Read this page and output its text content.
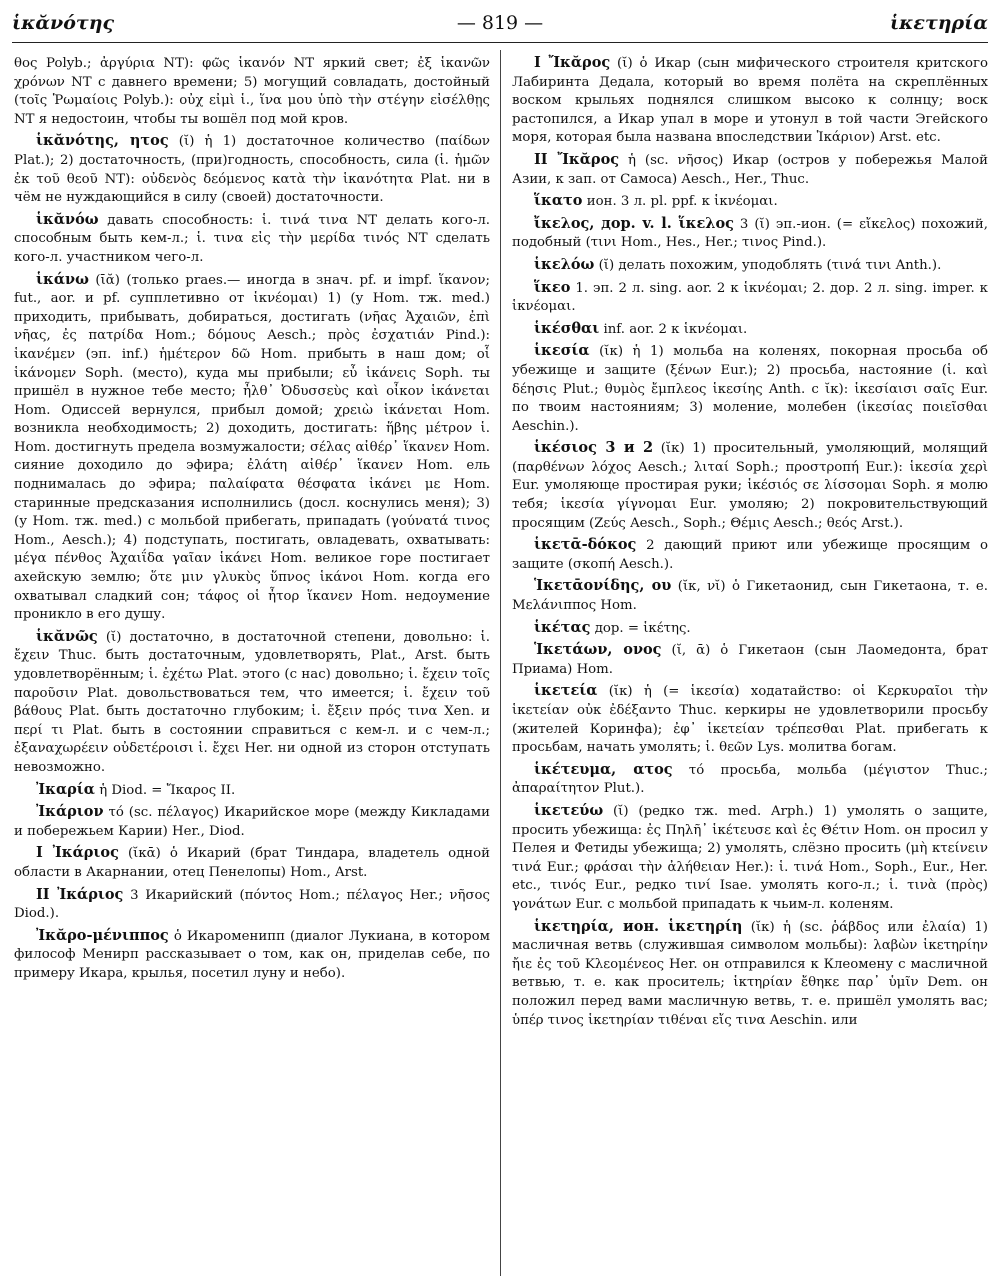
ἱκᾰνότης	— 819 —	ἱκετηρία

θος Polyb.; ἀργύρια NT): φῶς ἱκανόν NT яркий свет; ἐξ ἱκανῶν χρόνων NT с давнего времени; 5) могущий совладать, достойный (τοῖς Ῥωμαίοις Polyb.): οὐχ εἰμὶ ἱ., ἵνα μου ὑπὸ τὴν στέγην εἰσέλθῃς NT я недостоин, чтобы ты вошёл под мой кров.

ἱκᾰνότης, ητος (ῐ) ἡ 1) достаточное количество (παίδων Plat.); 2) достаточность, (при)годность, способность, сила (ἱ. ἡμῶν ἐκ τοῦ θεοῦ NT): οὐδενὸς δεόμενος κατὰ τὴν ἱκανότητα Plat. ни в чём не нуждающийся в силу (своей) достаточности.

ἱκᾰνόω давать способность: ἱ. τινά τινα NT делать кого-л. способным быть кем-л.; ἱ. τινα εἰς τὴν μερίδα τινός NT сделать кого-л. участником чего-л.

ἱκάνω (ῑᾰ) (только praes.— иногда в знач. pf. и impf. ἵκανον; fut., aor. и pf. супплетивно от ἱκνέομαι) 1) (у Hom. тж. med.) приходить, прибывать, добираться, достигать (νῆας Ἀχαιῶν, ἐπὶ νῆας, ἐς πατρίδα Hom.; δόμους Aesch.; πρὸς ἐσχατιάν Pind.): ἱκανέμεν (эп. inf.) ἡμέτερον δῶ Hom. прибыть в наш дом; οἷ ἱκάνομεν Soph. (место), куда мы прибыли; εὖ ἱκάνεις Soph. ты пришёл в нужное тебе место; ἦλθ᾽ Ὀδυσσεὺς καὶ οἶκον ἱκάνεται Hom. Одиссей вернулся, прибыл домой; χρειὼ ἱκάνεται Hom. возникла необходимость; 2) доходить, достигать: ἥβης μέτρον ἱ. Hom. достигнуть предела возмужалости; σέλας αἰθέρ᾽ ἵκανεν Hom. сияние доходило до эфира; ἐλάτη αἰθέρ᾽ ἵκανεν Hom. ель поднималась до эфира; παλαίφατα θέσφατα ἱκάνει με Hom. старинные предсказания исполнились (досл. коснулись меня); 3) (у Hom. тж. med.) с мольбой прибегать, припадать (γούνατά τινος Hom., Aesch.); 4) подступать, постигать, овладевать, охватывать: μέγα πένθος Ἀχαιΐδα γαῖαν ἱκάνει Hom. великое горе постигает ахейскую землю; ὅτε μιν γλυκὺς ὕπνος ἱκάνοι Hom. когда его охватывал сладкий сон; τάφος οἱ ἦτορ ἵκανεν Hom. недоумение проникло в его душу.

ἱκᾰνῶς (ῐ) достаточно, в достаточной степени, довольно: ἱ. ἔχειν Thuc. быть достаточным, удовлетворять, Plat., Arst. быть удовлетворённым; ἱ. ἐχέτω Plat. этого (с нас) довольно; ἱ. ἔχειν τοῖς παροῦσιν Plat. довольствоваться тем, что имеется; ἱ. ἔχειν τοῦ βάθους Plat. быть достаточно глубоким; ἱ. ἔξειν πρός τινα Xen. и περί τι Plat. быть в состоянии справиться с кем-л. и с чем-л.; ἐξαναχωρέειν οὐδετέροισι ἱ. ἔχει Her. ни одной из сторон отступать невозможно.

Ἰκαρία ἡ Diod. = Ἴκαρος II.

Ἰκάριον τό (sc. πέλαγος) Икарийское море (между Кикладами и побережьем Карии) Her., Diod.

I Ἰκάριος (ῐκᾱ) ὁ Икарий (брат Тиндара, владетель одной области в Акарнании, отец Пенелопы) Hom., Arst.

II Ἰκάριος 3 Икарийский (πόντος Hom.; πέλαγος Her.; νῆσος Diod.).

Ἰκᾰρο-μένιππος ὁ Икароменипп (диалог Лукиана, в котором философ Мениpп рассказывает о том, как он, приделав себе, по примеру Икара, крылья, посетил луну и небо).

I Ἴκᾰρος (ῐ) ὁ Икар (сын мифического строителя критского Лабиринта Дедала, который во время полёта на скреплённых воском крыльях поднялся слишком высоко к солнцу; воск растопился, а Икар упал в море и утонул в той части Эгейского моря, которая была названа впоследствии Ἰκάριον) Arst. etc.

II Ἴκᾰρος ἡ (sc. νῆσος) Икар (остров у побережья Малой Азии, к зап. от Самоса) Aesch., Her., Thuc.

ἵκατο ион. 3 л. pl. ppf. к ἱκνέομαι.

ἴκελος, дор. v. l. ἵκελος 3 (ῐ) эп.-ион. (= εἴκελος) похожий, подобный (τινι Hom., Hes., Her.; τινος Pind.).

ἱκελόω (ῐ) делать похожим, уподоблять (τινά τινι Anth.).

ἵκεο 1. эп. 2 л. sing. aor. 2 к ἱκνέομαι; 2. дор. 2 л. sing. imper. к ἱκνέομαι.

ἱκέσθαι inf. aor. 2 к ἱκνέομαι.

ἱκεσία (ῐκ) ἡ 1) мольба на коленях, покорная просьба об убежище и защите (ξένων Eur.); 2) просьба, настояние (ἱ. καὶ δέησις Plut.; θυμὸς ἔμπλεος ἱκεσίης Anth. с ῐκ): ἱκεσίαισι σαῖς Eur. по твоим настояниям; 3) моление, молебен (ἱκεσίας ποιεῖσθαι Aeschin.).

ἱκέσιος 3 и 2 (ῐκ) 1) просительный, умоляющий, молящий (παρθένων λόχος Aesch.; λιταί Soph.; προστροπή Eur.): ἱκεσία χερὶ Eur. умоляюще простирая руки; ἱκέσιός σε λίσσομαι Soph. я молю тебя; ἱκεσία γίγνομαι Eur. умоляю; 2) покровительствующий просящим (Ζεύς Aesch., Soph.; Θέμις Aesch.; θεός Arst.).

ἱκετᾱ-δόκος 2 дающий приют или убежище просящим о защите (σκοπή Aesch.).

Ἱκετᾱονίδης, ου (ῐκ, νῐ) ὁ Гикетаонид, сын Гикетаона, т. е. Μελάνιππος Hom.

ἱκέτας дор. = ἱκέτης.

Ἱκετάων, ονος (ῐ, ᾱ) ὁ Гикетаон (сын Лаомедонта, брат Приама) Hom.

ἱκετεία (ῐκ) ἡ (= ἱκεσία) ходатайство: οἱ Κερκυραῖοι τὴν ἱκετείαν οὐκ ἐδέξαντο Thuc. керкиры не удовлетворили просьбу (жителей Коринфа); ἐφ᾽ ἱκετείαν τρέπεσθαι Plat. прибегать к просьбам, начать умолять; ἱ. θεῶν Lys. молитва богам.

ἱκέτευμα, ατος τό просьба, мольба (μέγιστον Thuc.; ἀπαραίτητον Plut.).

ἱκετεύω (ῐ) (редко тж. med. Arph.) 1) умолять о защите, просить убежища: ἐς Πηλῆ᾽ ἱκέτευσε καὶ ἐς Θέτιν Hom. он просил у Пелея и Фетиды убежища; 2) умолять, слёзно просить (μὴ κτείνειν τινά Eur.; φράσαι τὴν ἀλήθειαν Her.): ἱ. τινά Hom., Soph., Eur., Her. etc., τινός Eur., редко τινί Isae. умолять кого-л.; ἱ. τινὰ (πρὸς) γονάτων Eur. с мольбой припадать к чьим-л. коленям.

ἱκετηρία, ион. ἱκετηρίη (ῐκ) ἡ (sc. ῥάβδος или ἐλαία) 1) масличная ветвь (служившая символом мольбы): λαβὼν ἱκετηρίην ἤιε ἐς τοῦ Κλεομένεος Her. он отправился к Клеомену с масличной ветвью, т. е. как проситель; ἱκτηρίαν ἔθηκε παρ᾽ ὑμῖν Dem. он положил перед вами масличную ветвь, т. е. пришёл умолять вас; ὑπέρ τινος ἱκετηρίαν τιθέναι εἴς τινα Aeschin. или
